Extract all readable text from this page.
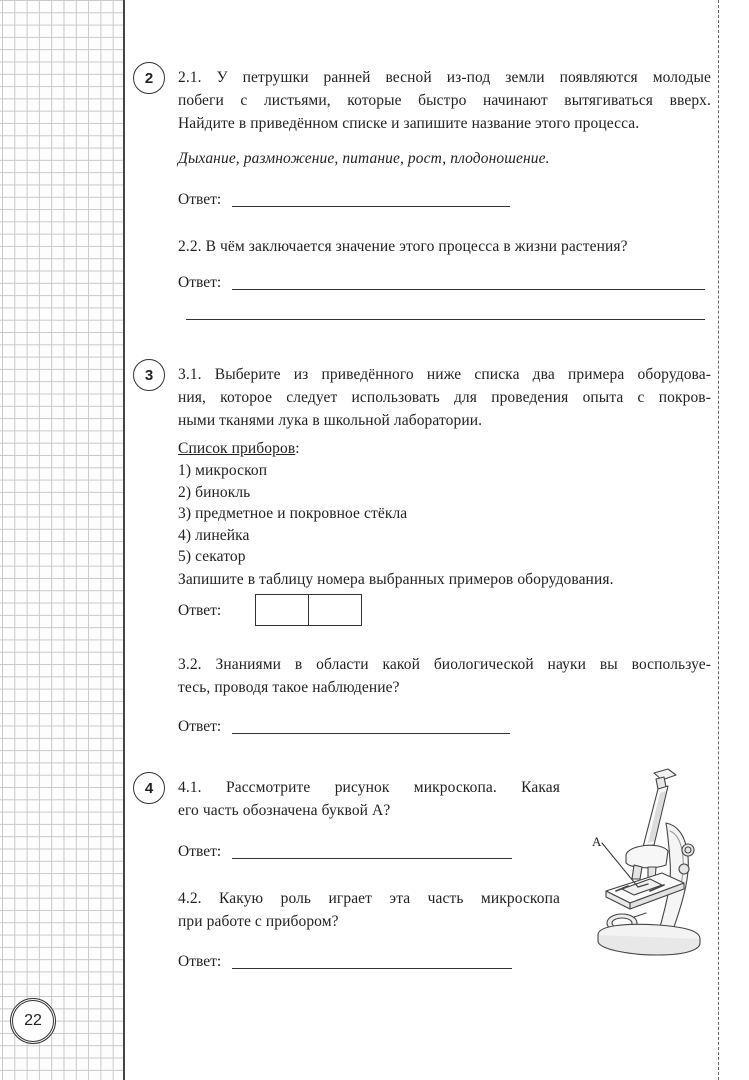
2	2.1. У петрушки ранней весной из-под земли появляются молодые
побеги с листьями, которые быстро начинают вытягиваться вверх.
Найдите в приведённом списке и запишите название этого процесса.
Дыхание, размножение, питание, рост, плодоношение.
Ответ:
2.2. В чём заключается значение этого процесса в жизни растения?
Ответ:
3	3.1. Выберите из приведённого ниже списка два примера оборудова-
ния, которое следует использовать для проведения опыта с покров-
ными тканями лука в школьной лаборатории.
Список приборов:
1) микроскоп
2) бинокль
3) предметное и покровное стёкла
4) линейка
5) секатор
Запишите в таблицу номера выбранных примеров оборудования.
Ответ:
3.2. Знаниями в области какой биологической науки вы воспользуе-
тесь, проводя такое наблюдение?
Ответ:
4	4.1. Рассмотрите рисунок микроскопа. Какая
его часть обозначена буквой А?
Ответ:
4.2. Какую роль играет эта часть микроскопа
при работе с прибором?
Ответ:
А
22
